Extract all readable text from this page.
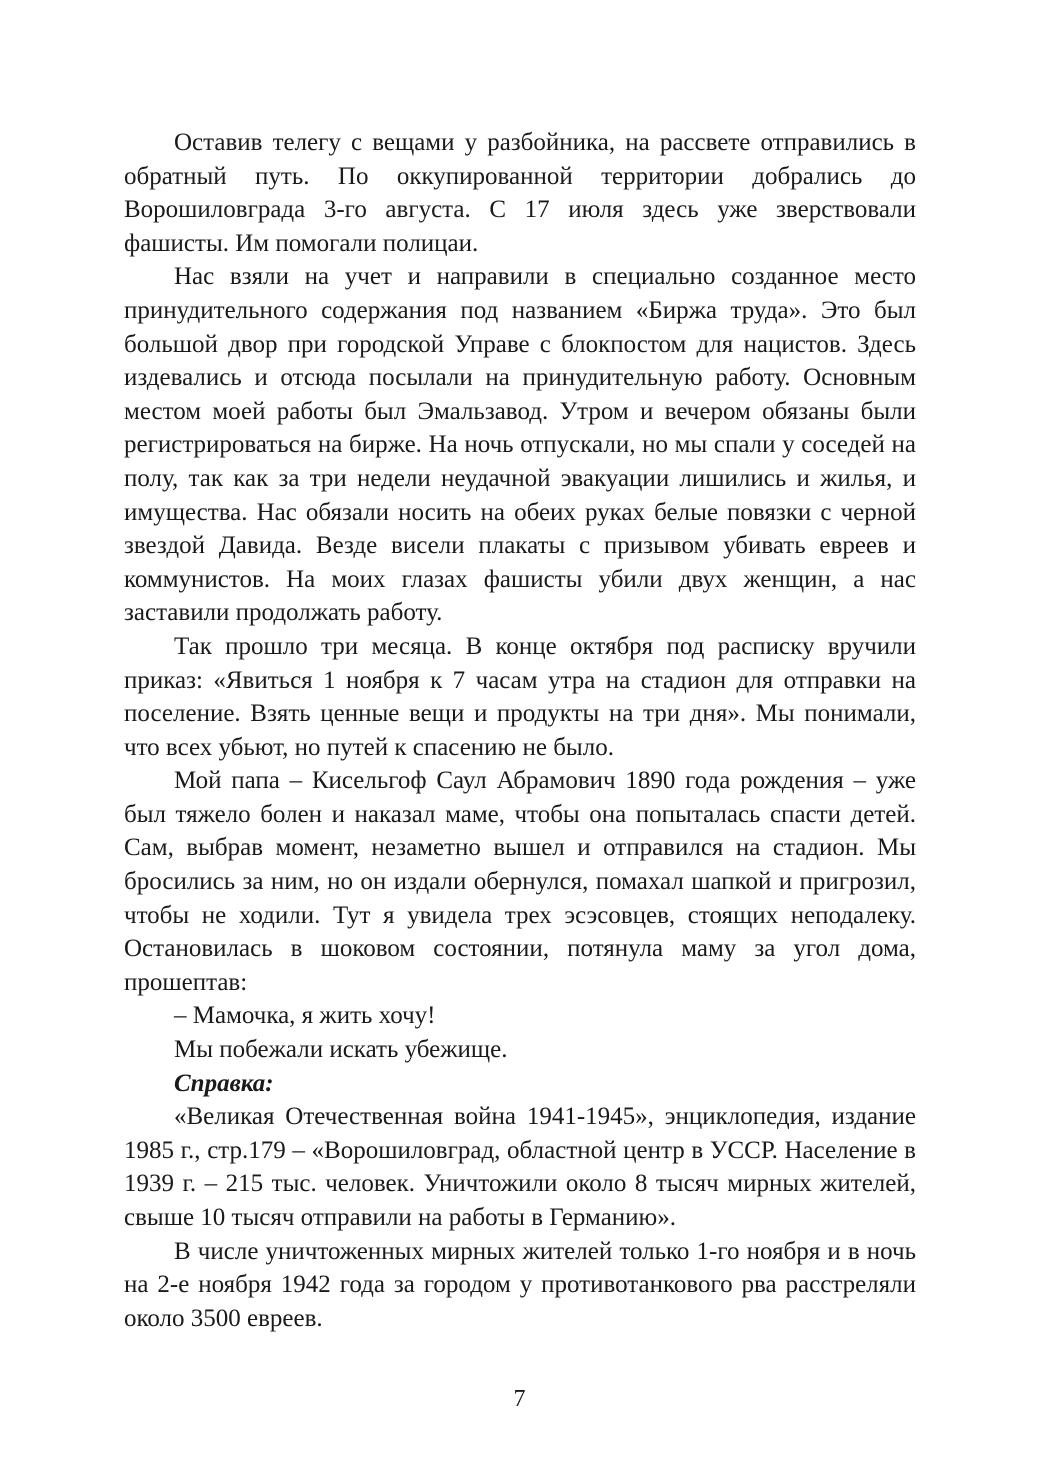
Оставив телегу с вещами у разбойника, на рассвете отправились в обратный путь. По оккупированной территории добрались до Ворошиловграда 3-го августа. С 17 июля здесь уже зверствовали фашисты. Им помогали полицаи.

Нас взяли на учет и направили в специально созданное место принудительного содержания под названием «Биржа труда». Это был большой двор при городской Управе с блокпостом для нацистов. Здесь издевались и отсюда посылали на принудительную работу. Основным местом моей работы был Эмальзавод. Утром и вечером обязаны были регистрироваться на бирже. На ночь отпускали, но мы спали у соседей на полу, так как за три недели неудачной эвакуации лишились и жилья, и имущества. Нас обязали носить на обеих руках белые повязки с черной звездой Давида. Везде висели плакаты с призывом убивать евреев и коммунистов. На моих глазах фашисты убили двух женщин, а нас заставили продолжать работу.

Так прошло три месяца. В конце октября под расписку вручили приказ: «Явиться 1 ноября к 7 часам утра на стадион для отправки на поселение. Взять ценные вещи и продукты на три дня». Мы понимали, что всех убьют, но путей к спасению не было.

Мой папа – Кисельгоф Саул Абрамович 1890 года рождения – уже был тяжело болен и наказал маме, чтобы она попыталась спасти детей. Сам, выбрав момент, незаметно вышел и отправился на стадион. Мы бросились за ним, но он издали обернулся, помахал шапкой и пригрозил, чтобы не ходили. Тут я увидела трех эсэсовцев, стоящих неподалеку. Остановилась в шоковом состоянии, потянула маму за угол дома, прошептав:

– Мамочка, я жить хочу!

Мы побежали искать убежище.

Справка:

«Великая Отечественная война 1941-1945», энциклопедия, издание 1985 г., стр.179 – «Ворошиловград, областной центр в УССР. Население в 1939 г. – 215 тыс. человек. Уничтожили около 8 тысяч мирных жителей, свыше 10 тысяч отправили на работы в Германию».

В числе уничтоженных мирных жителей только 1-го ноября и в ночь на 2-е ноября 1942 года за городом у противотанкового рва расстреляли около 3500 евреев.

7
